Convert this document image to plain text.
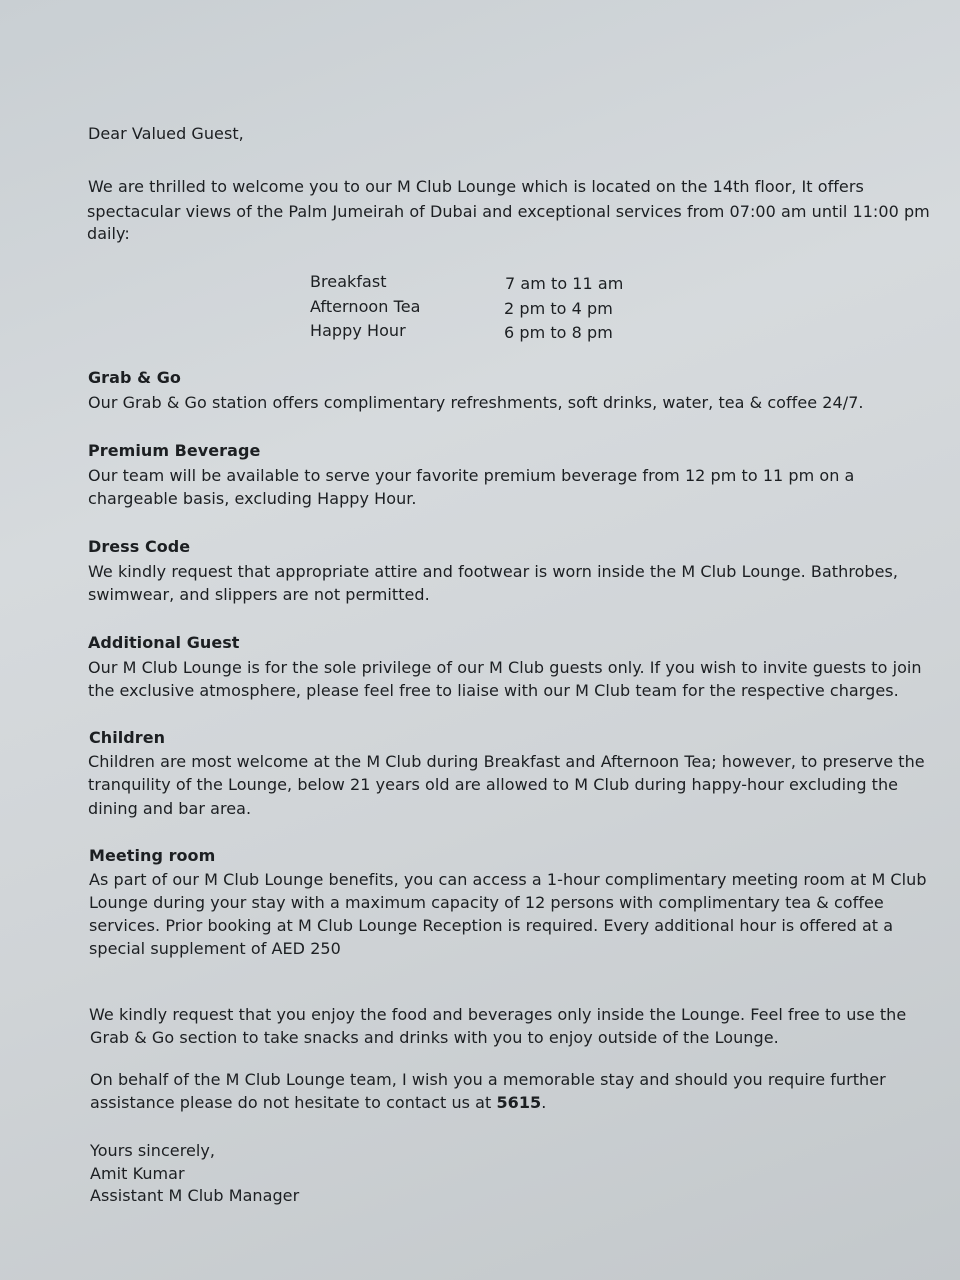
Dear Valued Guest,
We are thrilled to welcome you to our M Club Lounge which is located on the 14th floor, It offers
spectacular views of the Palm Jumeirah of Dubai and exceptional services from 07:00 am until 11:00 pm
daily:
Breakfast	7 am to 11 am
Afternoon Tea	2 pm to 4 pm
Happy Hour	6 pm to 8 pm
Grab & Go
Our Grab & Go station offers complimentary refreshments, soft drinks, water, tea & coffee 24/7.
Premium Beverage
Our team will be available to serve your favorite premium beverage from 12 pm to 11 pm on a
chargeable basis, excluding Happy Hour.
Dress Code
We kindly request that appropriate attire and footwear is worn inside the M Club Lounge. Bathrobes,
swimwear, and slippers are not permitted.
Additional Guest
Our M Club Lounge is for the sole privilege of our M Club guests only. If you wish to invite guests to join
the exclusive atmosphere, please feel free to liaise with our M Club team for the respective charges.
Children
Children are most welcome at the M Club during Breakfast and Afternoon Tea; however, to preserve the
tranquility of the Lounge, below 21 years old are allowed to M Club during happy-hour excluding the
dining and bar area.
Meeting room
As part of our M Club Lounge benefits, you can access a 1-hour complimentary meeting room at M Club
Lounge during your stay with a maximum capacity of 12 persons with complimentary tea & coffee
services. Prior booking at M Club Lounge Reception is required. Every additional hour is offered at a
special supplement of AED 250
We kindly request that you enjoy the food and beverages only inside the Lounge. Feel free to use the
Grab & Go section to take snacks and drinks with you to enjoy outside of the Lounge.
On behalf of the M Club Lounge team, I wish you a memorable stay and should you require further
assistance please do not hesitate to contact us at 5615.
Yours sincerely,
Amit Kumar
Assistant M Club Manager
